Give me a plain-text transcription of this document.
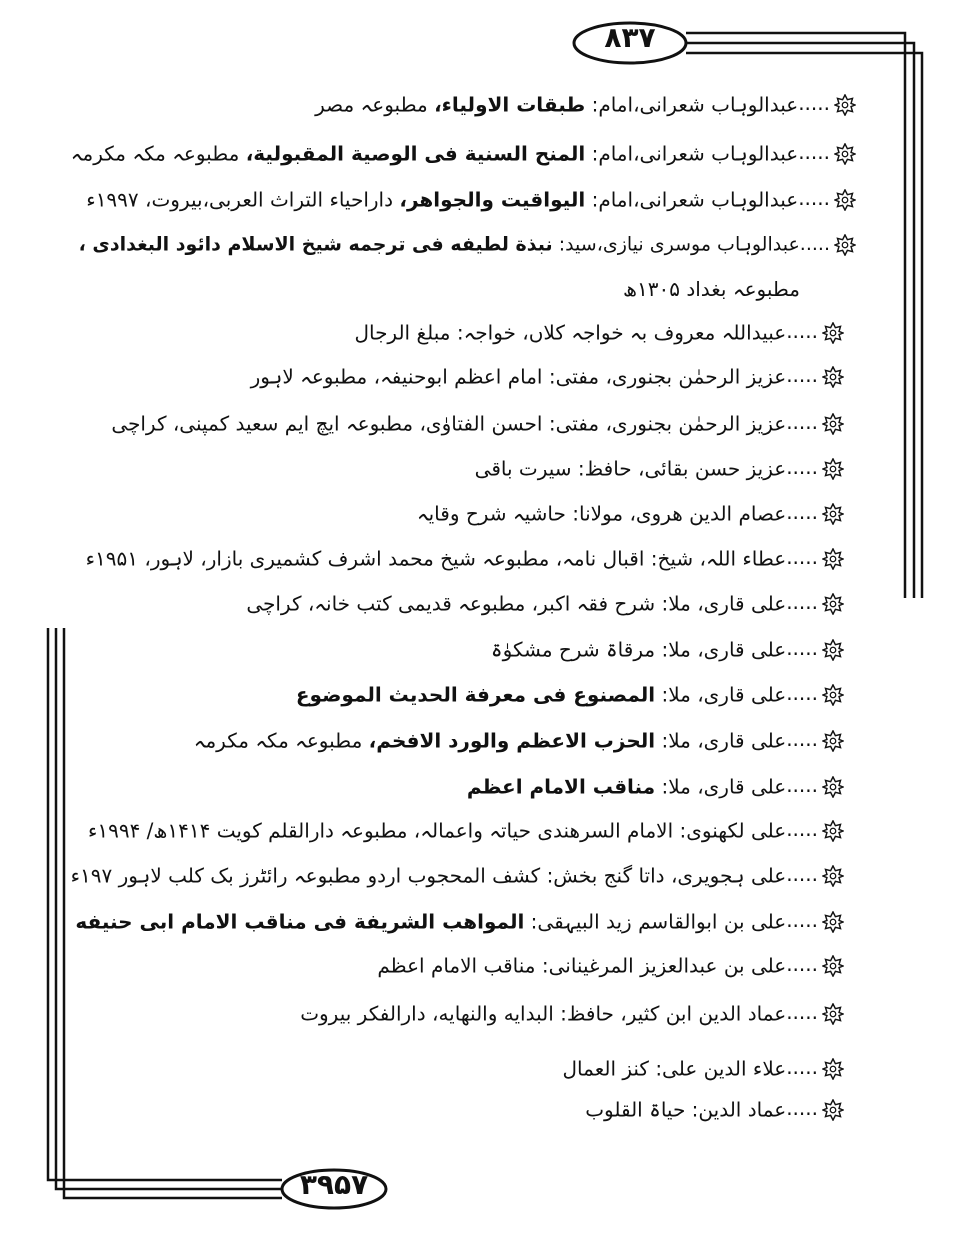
۸۳۷
۳۹۵۷
.....عبدالوہاب شعرانی،امام: طبقات الاولیاء، مطبوعہ مصر
.....عبدالوہاب شعرانی،امام: المنح السنیة فی الوصیة المقبولیة، مطبوعہ مکہ مکرمہ
.....عبدالوہاب شعرانی،امام: الیواقیت والجواھر، داراحیاء التراث العربی،بیروت، ۱۹۹۷ء
.....عبدالوہاب موسری نیازی،سید: نبذة لطیفه فی ترجمه شیخ الاسلام دائود البغدادی ،
مطبوعہ بغداد ۱۳۰۵ھ
.....عبیداللہ معروف بہ خواجہ کلاں، خواجہ: مبلغ الرجال
.....عزیز الرحمٰن بجنوری، مفتی: امام اعظم ابوحنیفہ، مطبوعہ لاہور
.....عزیز الرحمٰن بجنوری، مفتی: احسن الفتاوٰی، مطبوعہ ایچ ایم سعید کمپنی، کراچی
.....عزیز حسن بقائی، حافظ: سیرت باقی
.....عصام الدین ھروی، مولانا: حاشیہ شرح وقایہ
.....عطاء اللہ، شیخ: اقبال نامہ، مطبوعہ شیخ محمد اشرف کشمیری بازار، لاہور، ۱۹۵۱ء
.....علی قاری، ملا: شرح فقہ اکبر، مطبوعہ قدیمی کتب خانہ، کراچی
.....علی قاری، ملا: مرقاۃ شرح مشکوٰۃ
.....علی قاری، ملا: المصنوع فی معرفة الحدیث الموضوع
.....علی قاری، ملا: الحزب الاعظم والورد الافخم، مطبوعہ مکہ مکرمہ
.....علی قاری، ملا: مناقب الامام اعظم
.....علی لکھنوی: الامام السرھندی حیاتہ واعمالہ، مطبوعہ دارالقلم کویت ۱۴۱۴ھ/ ۱۹۹۴ء
.....علی ہجویری، داتا گنج بخش: کشف المحجوب اردو مطبوعہ رائٹرز بک کلب لاہور ۱۹۷ء
.....علی بن ابوالقاسم زید البیہقی: المواھب الشریفة فی مناقب الامام ابی حنیفه
.....علی بن عبدالعزیز المرغینانی: مناقب الامام اعظم
.....عماد الدین ابن کثیر، حافظ: البدایه والنهایه، دارالفکر بیروت
.....علاء الدین علی: کنز العمال
.....عماد الدین: حیاۃ القلوب
